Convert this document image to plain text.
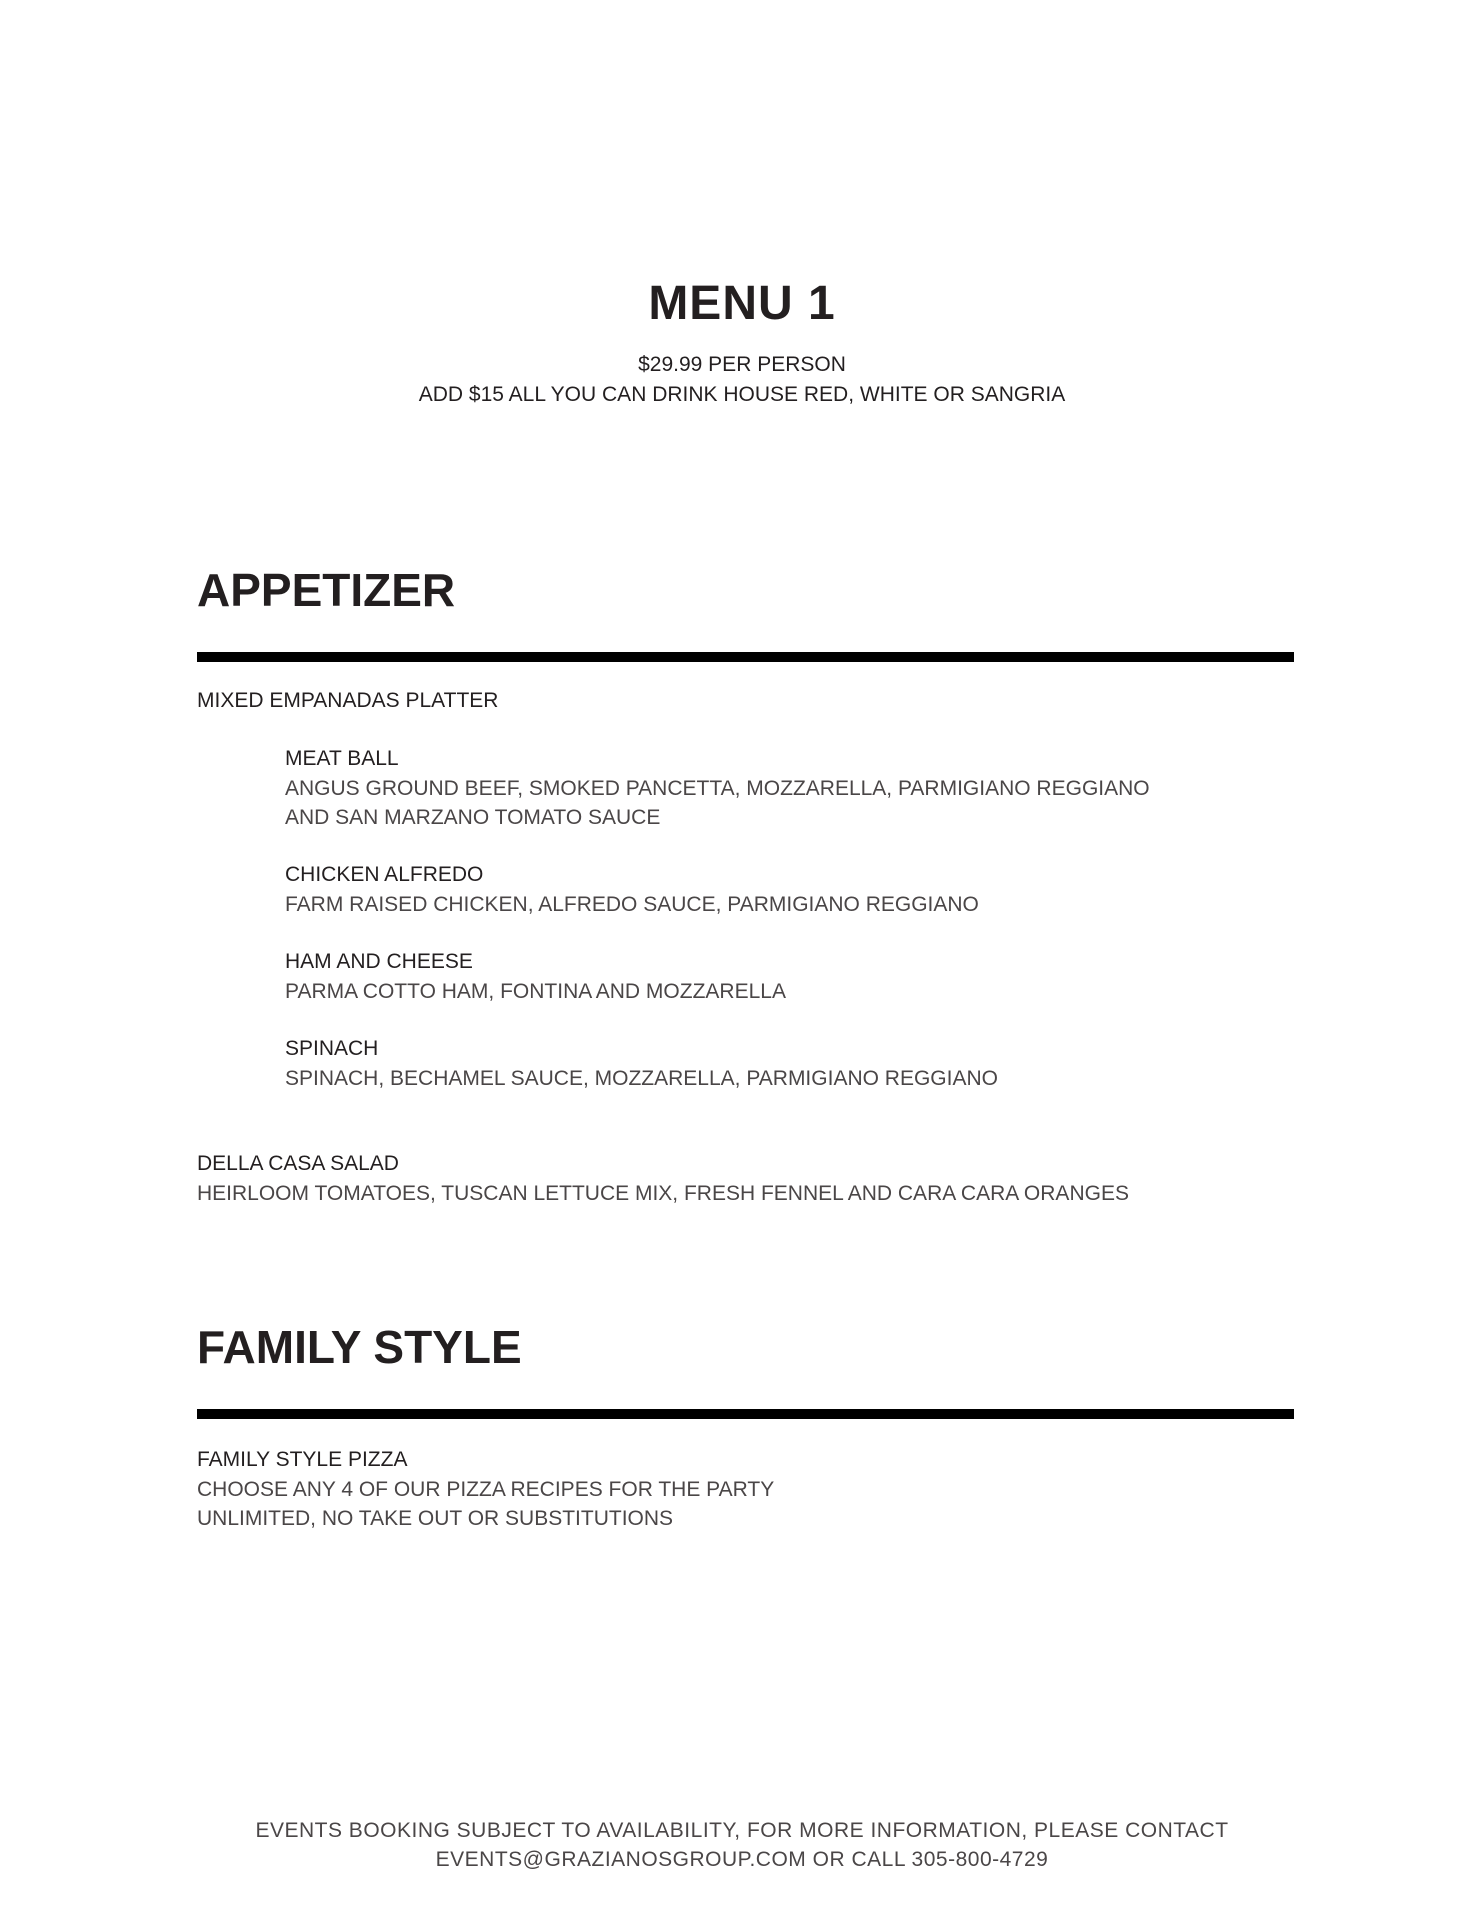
MENU 1

$29.99 PER PERSON

ADD $15 ALL YOU CAN DRINK HOUSE RED, WHITE OR SANGRIA

APPETIZER

MIXED EMPANADAS PLATTER

MEAT BALL

ANGUS GROUND BEEF, SMOKED PANCETTA, MOZZARELLA, PARMIGIANO REGGIANO

AND SAN MARZANO TOMATO SAUCE

CHICKEN ALFREDO

FARM RAISED CHICKEN, ALFREDO SAUCE, PARMIGIANO REGGIANO

HAM AND CHEESE

PARMA COTTO HAM, FONTINA AND MOZZARELLA

SPINACH

SPINACH, BECHAMEL SAUCE, MOZZARELLA, PARMIGIANO REGGIANO

DELLA CASA SALAD

HEIRLOOM TOMATOES, TUSCAN LETTUCE MIX, FRESH FENNEL AND CARA CARA ORANGES

FAMILY STYLE

FAMILY STYLE PIZZA

CHOOSE ANY 4 OF OUR PIZZA RECIPES FOR THE PARTY

UNLIMITED, NO TAKE OUT OR SUBSTITUTIONS

EVENTS BOOKING SUBJECT TO AVAILABILITY, FOR MORE INFORMATION, PLEASE CONTACT

EVENTS@GRAZIANOSGROUP.COM OR CALL 305-800-4729
